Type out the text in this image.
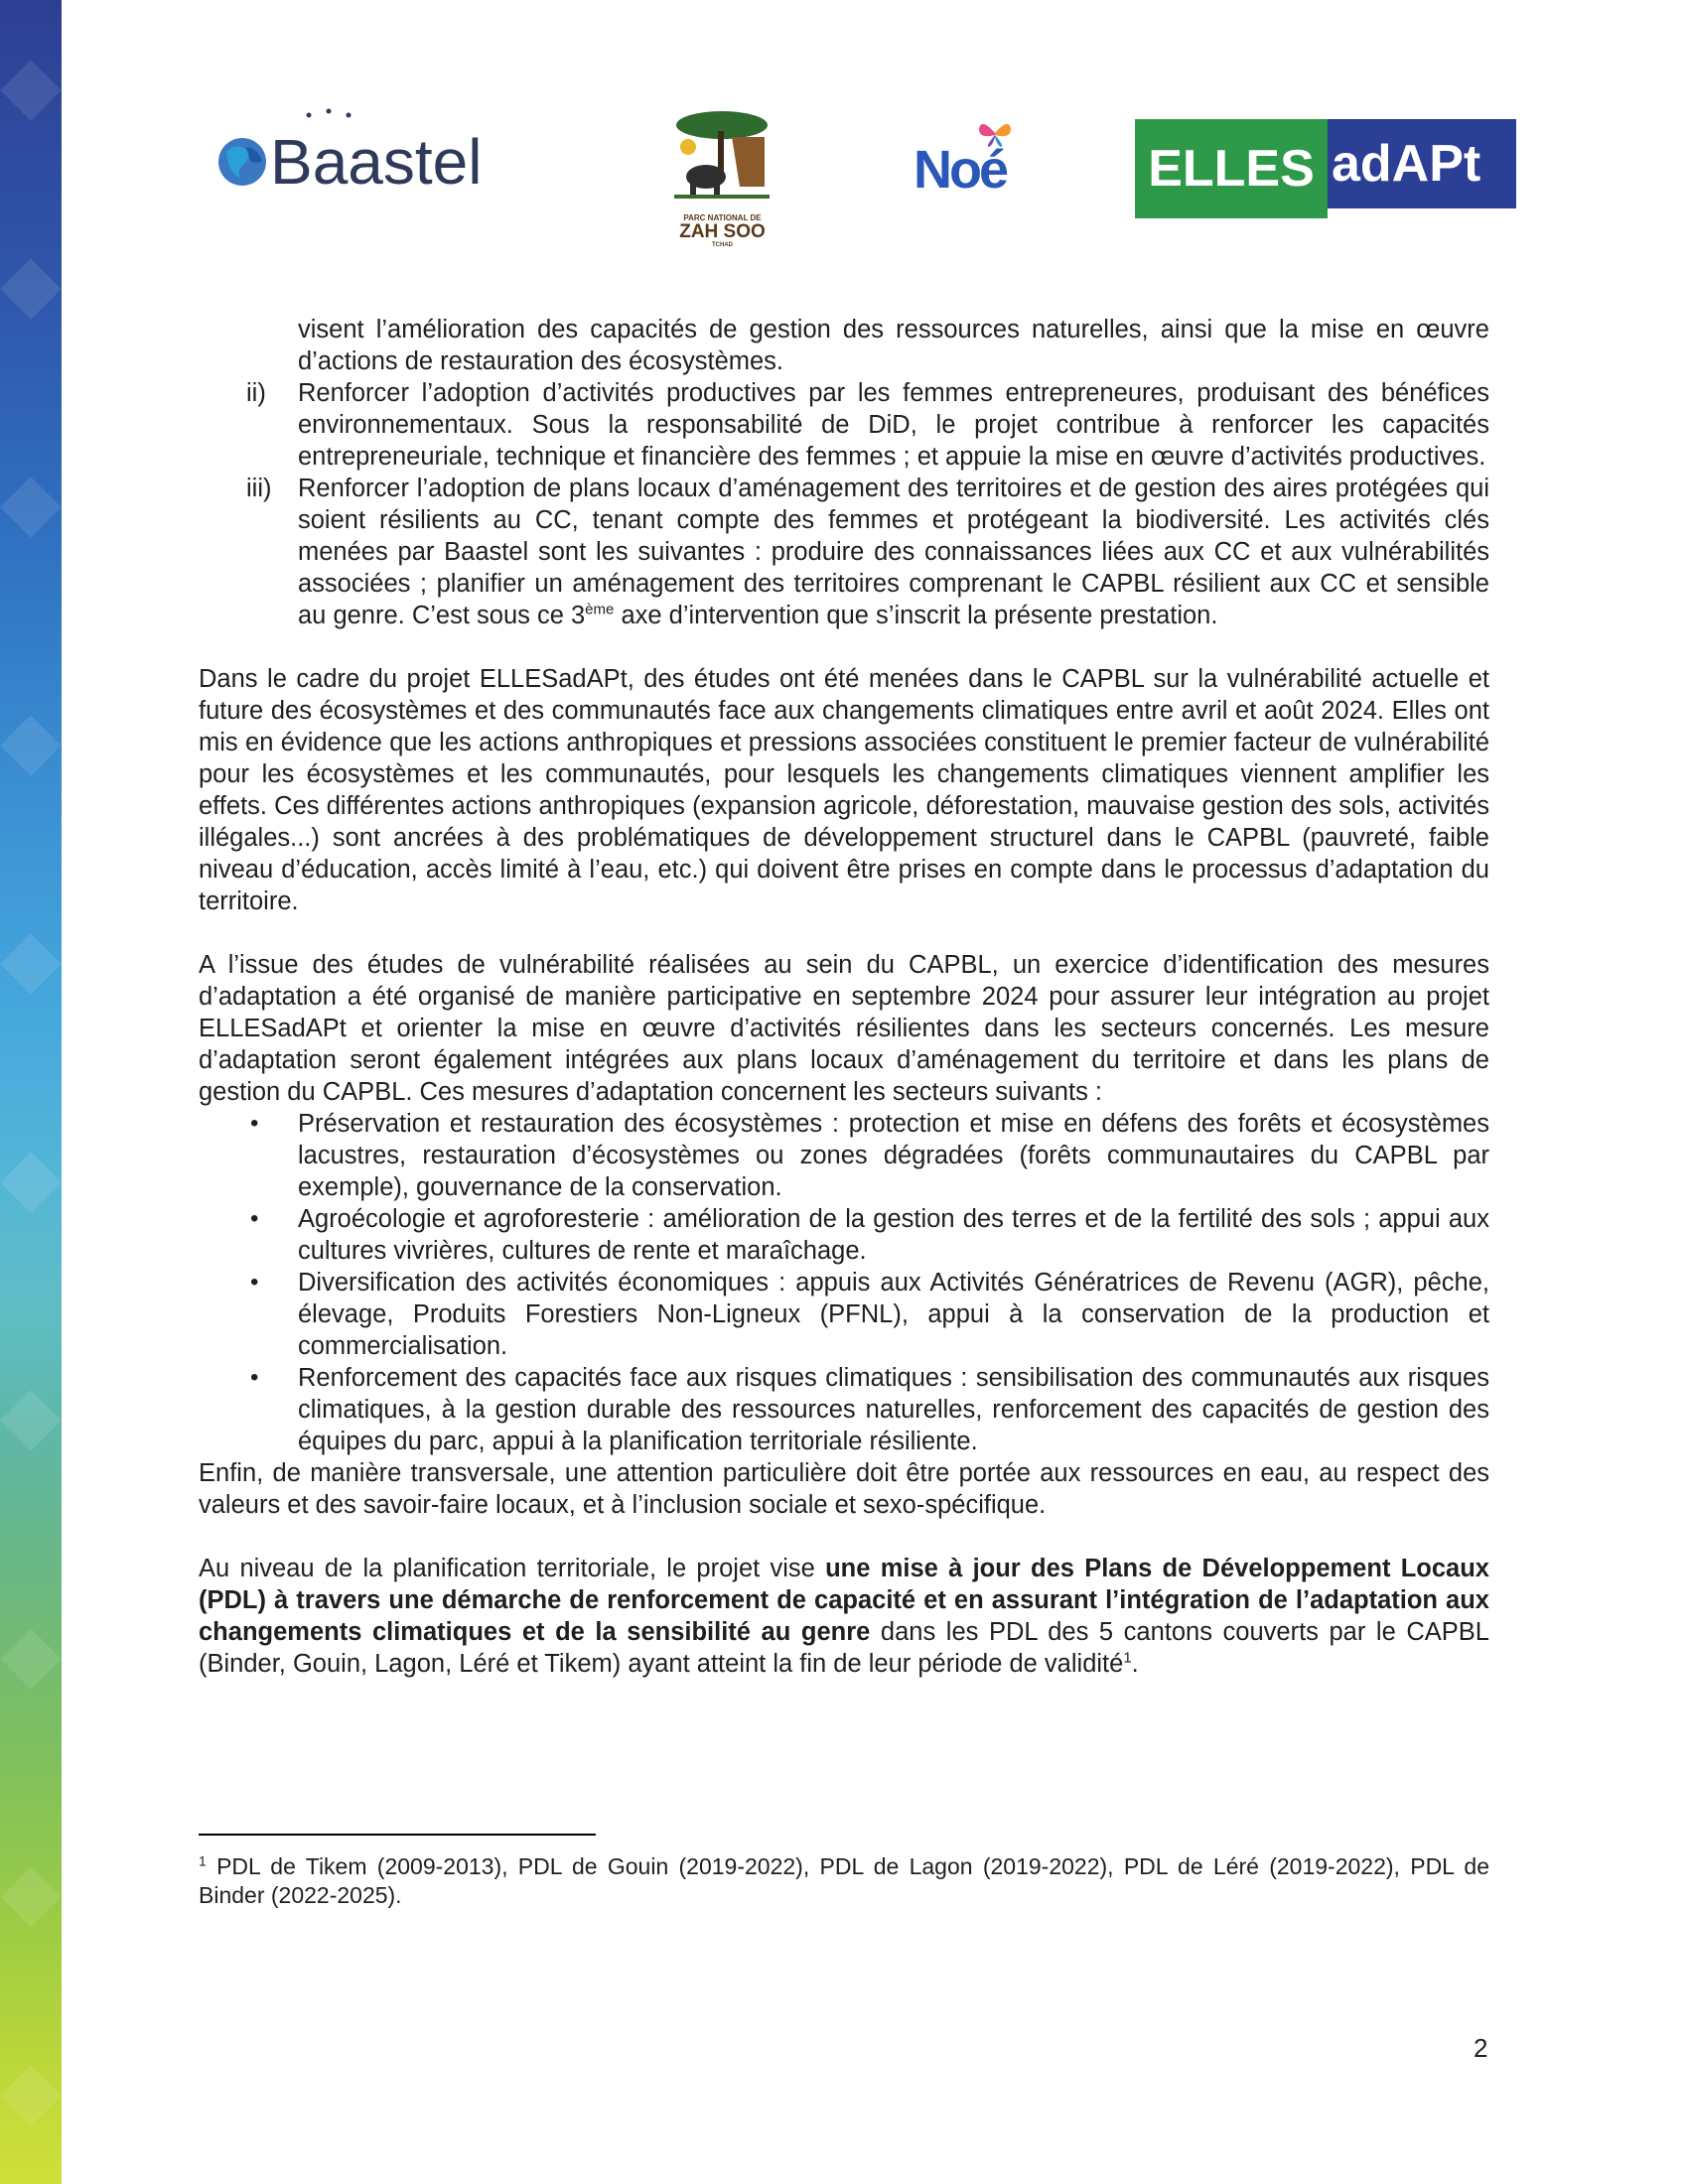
Baastel
PARC NATIONAL DE
ZAH SOO
TCHAD
Noé	ELLES adAPt

visent l’amélioration des capacités de gestion des ressources naturelles, ainsi que la mise en œuvre d’actions de restauration des écosystèmes.

ii) Renforcer l’adoption d’activités productives par les femmes entrepreneures, produisant des bénéfices environnementaux. Sous la responsabilité de DiD, le projet contribue à renforcer les capacités entrepreneuriale, technique et financière des femmes ; et appuie la mise en œuvre d’activités productives.
iii) Renforcer l’adoption de plans locaux d’aménagement des territoires et de gestion des aires protégées qui soient résilients au CC, tenant compte des femmes et protégeant la biodiversité. Les activités clés menées par Baastel sont les suivantes : produire des connaissances liées aux CC et aux vulnérabilités associées ; planifier un aménagement des territoires comprenant le CAPBL résilient aux CC et sensible au genre. C’est sous ce 3ème axe d’intervention que s’inscrit la présente prestation.

Dans le cadre du projet ELLESadAPt, des études ont été menées dans le CAPBL sur la vulnérabilité actuelle et future des écosystèmes et des communautés face aux changements climatiques entre avril et août 2024. Elles ont mis en évidence que les actions anthropiques et pressions associées constituent le premier facteur de vulnérabilité pour les écosystèmes et les communautés, pour lesquels les changements climatiques viennent amplifier les effets. Ces différentes actions anthropiques (expansion agricole, déforestation, mauvaise gestion des sols, activités illégales...) sont ancrées à des problématiques de développement structurel dans le CAPBL (pauvreté, faible niveau d’éducation, accès limité à l’eau, etc.) qui doivent être prises en compte dans le processus d’adaptation du territoire.

A l’issue des études de vulnérabilité réalisées au sein du CAPBL, un exercice d’identification des mesures d’adaptation a été organisé de manière participative en septembre 2024 pour assurer leur intégration au projet ELLESadAPt et orienter la mise en œuvre d’activités résilientes dans les secteurs concernés. Les mesure d’adaptation seront également intégrées aux plans locaux d’aménagement du territoire et dans les plans de gestion du CAPBL. Ces mesures d’adaptation concernent les secteurs suivants :

• Préservation et restauration des écosystèmes : protection et mise en défens des forêts et écosystèmes lacustres, restauration d’écosystèmes ou zones dégradées (forêts communautaires du CAPBL par exemple), gouvernance de la conservation.
• Agroécologie et agroforesterie : amélioration de la gestion des terres et de la fertilité des sols ; appui aux cultures vivrières, cultures de rente et maraîchage.
• Diversification des activités économiques : appuis aux Activités Génératrices de Revenu (AGR), pêche, élevage, Produits Forestiers Non-Ligneux (PFNL), appui à la conservation de la production et commercialisation.
• Renforcement des capacités face aux risques climatiques : sensibilisation des communautés aux risques climatiques, à la gestion durable des ressources naturelles, renforcement des capacités de gestion des équipes du parc, appui à la planification territoriale résiliente.

Enfin, de manière transversale, une attention particulière doit être portée aux ressources en eau, au respect des valeurs et des savoir-faire locaux, et à l’inclusion sociale et sexo-spécifique.

Au niveau de la planification territoriale, le projet vise une mise à jour des Plans de Développement Locaux (PDL) à travers une démarche de renforcement de capacité et en assurant l’intégration de l’adaptation aux changements climatiques et de la sensibilité au genre dans les PDL des 5 cantons couverts par le CAPBL (Binder, Gouin, Lagon, Léré et Tikem) ayant atteint la fin de leur période de validité$^1$.

$^1$ PDL de Tikem (2009-2013), PDL de Gouin (2019-2022), PDL de Lagon (2019-2022), PDL de Léré (2019-2022), PDL de Binder (2022-2025).
2
